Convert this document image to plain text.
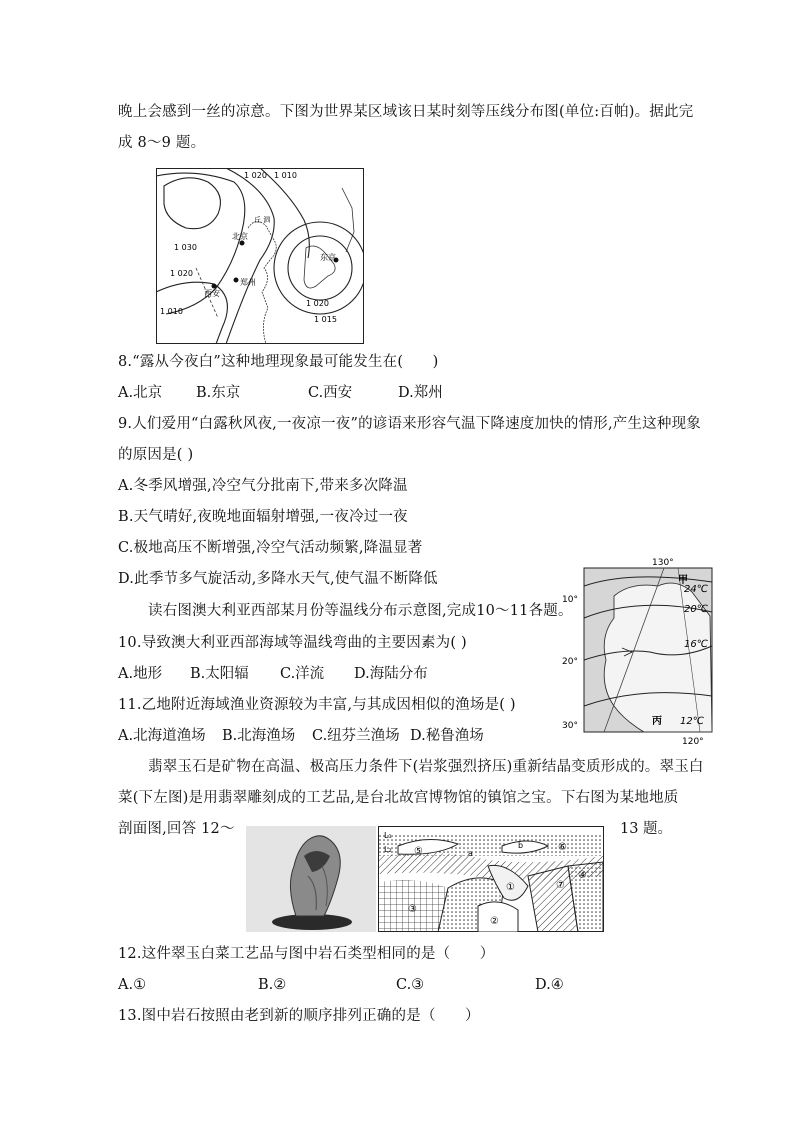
晚上会感到一丝的凉意。下图为世界某区域该日某时刻等压线分布图(单位:百帕)。据此完
成 8～9 题。
1 020 1 010
1 030
1 020
1 010
1 020
1 015
丘 泗
北京
郑州
西安
东京
8.“露从今夜白”这种地理现象最可能发生在(　　)
A.北京 B.东京	C.西安	D.郑州
9.人们爱用“白露秋风夜,一夜凉一夜”的谚语来形容气温下降速度加快的情形,产生这种现象
的原因是( )
A.冬季风增强,冷空气分批南下,带来多次降温
B.天气晴好,夜晚地面辐射增强,一夜冷过一夜
C.极地高压不断增强,冷空气活动频繁,降温显著
D.此季节多气旋活动,多降水天气,使气温不断降低
读右图澳大利亚西部某月份等温线分布示意图,完成10～11各题。
10.导致澳大利亚西部海域等温线弯曲的主要因素为( )
A.地形 B.太阳辐 C.洋流 D.海陆分布
11.乙地附近海域渔业资源较为丰富,与其成因相似的渔场是( )
A.北海道渔场 B.北海渔场 C.纽芬兰渔场 D.秘鲁渔场
130°
10°
20°
30°
24℃
20℃
16℃
12℃
甲
丙
120°
翡翠玉石是矿物在高温、极高压力条件下(岩浆强烈挤压)重新结晶变质形成的。翠玉白
菜(下左图)是用翡翠雕刻成的工艺品,是台北故宫博物馆的镇馆之宝。下右图为某地地质
剖面图,回答 12～	13 题。
L₁
L₂ ⑤	a
b	⑥
④
⑦
①
②
③
12.这件翠玉白菜工艺品与图中岩石类型相同的是（　　）
A.①	B.②	C.③	D.④
13.图中岩石按照由老到新的顺序排列正确的是（　　）
